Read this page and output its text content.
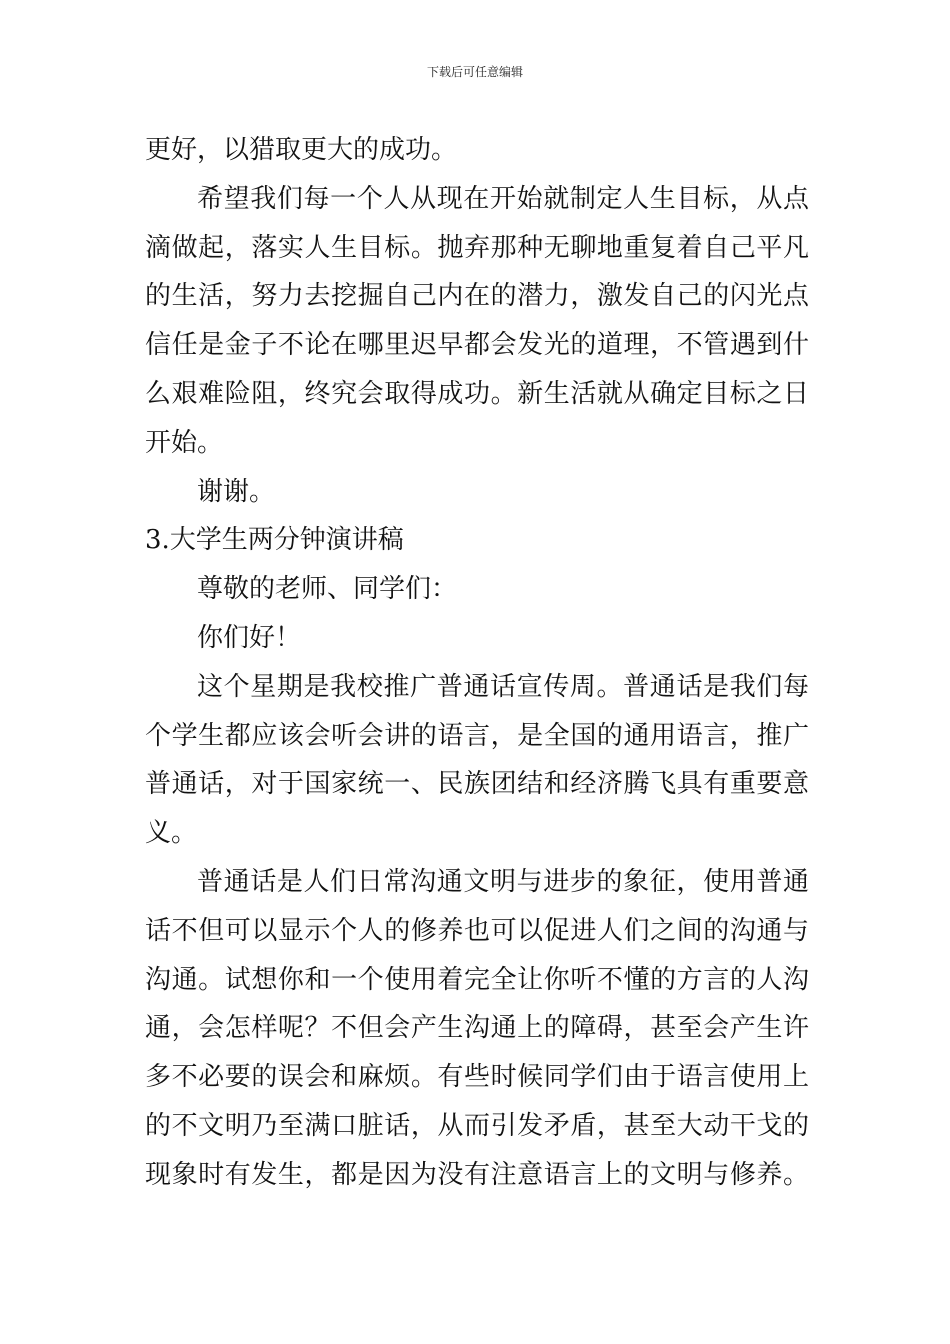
下载后可任意编辑
更好，以猎取更大的成功。
希望我们每一个人从现在开始就制定人生目标，从点
滴做起，落实人生目标。抛弃那种无聊地重复着自己平凡
的生活，努力去挖掘自己内在的潜力，激发自己的闪光点
信任是金子不论在哪里迟早都会发光的道理，不管遇到什
么艰难险阻，终究会取得成功。新生活就从确定目标之日
开始。
谢谢。
3.大学生两分钟演讲稿
尊敬的老师、同学们：
你们好！
这个星期是我校推广普通话宣传周。普通话是我们每
个学生都应该会听会讲的语言，是全国的通用语言，推广
普通话，对于国家统一、民族团结和经济腾飞具有重要意
义。
普通话是人们日常沟通文明与进步的象征，使用普通
话不但可以显示个人的修养也可以促进人们之间的沟通与
沟通。试想你和一个使用着完全让你听不懂的方言的人沟
通，会怎样呢？不但会产生沟通上的障碍，甚至会产生许
多不必要的误会和麻烦。有些时候同学们由于语言使用上
的不文明乃至满口脏话，从而引发矛盾，甚至大动干戈的
现象时有发生，都是因为没有注意语言上的文明与修养。
